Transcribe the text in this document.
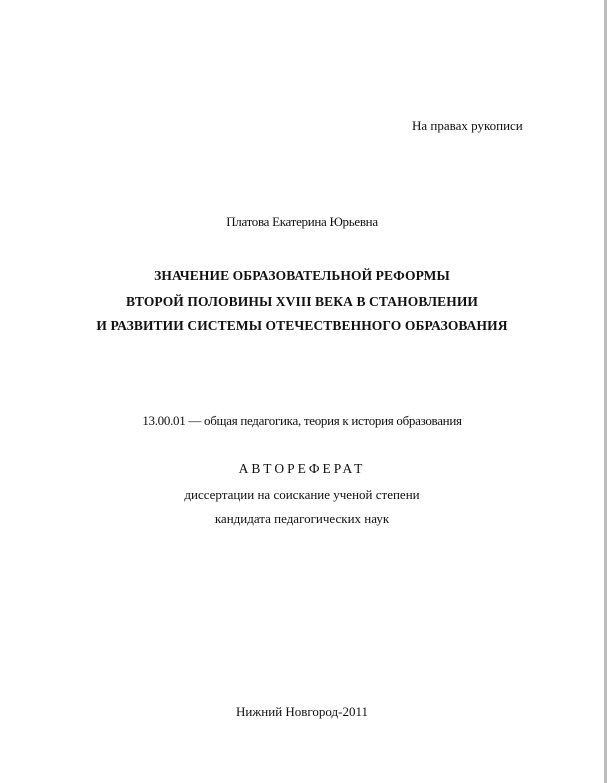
На правах рукописи
Платова Екатерина Юрьевна
ЗНАЧЕНИЕ ОБРАЗОВАТЕЛЬНОЙ РЕФОРМЫ
ВТОРОЙ ПОЛОВИНЫ XVIII ВЕКА В СТАНОВЛЕНИИ
И РАЗВИТИИ СИСТЕМЫ ОТЕЧЕСТВЕННОГО ОБРАЗОВАНИЯ
13.00.01 — общая педагогика, теория к история образования
АВТОРЕФЕРАТ
диссертации на соискание ученой степени
кандидата педагогических наук
Нижний Новгород-2011
